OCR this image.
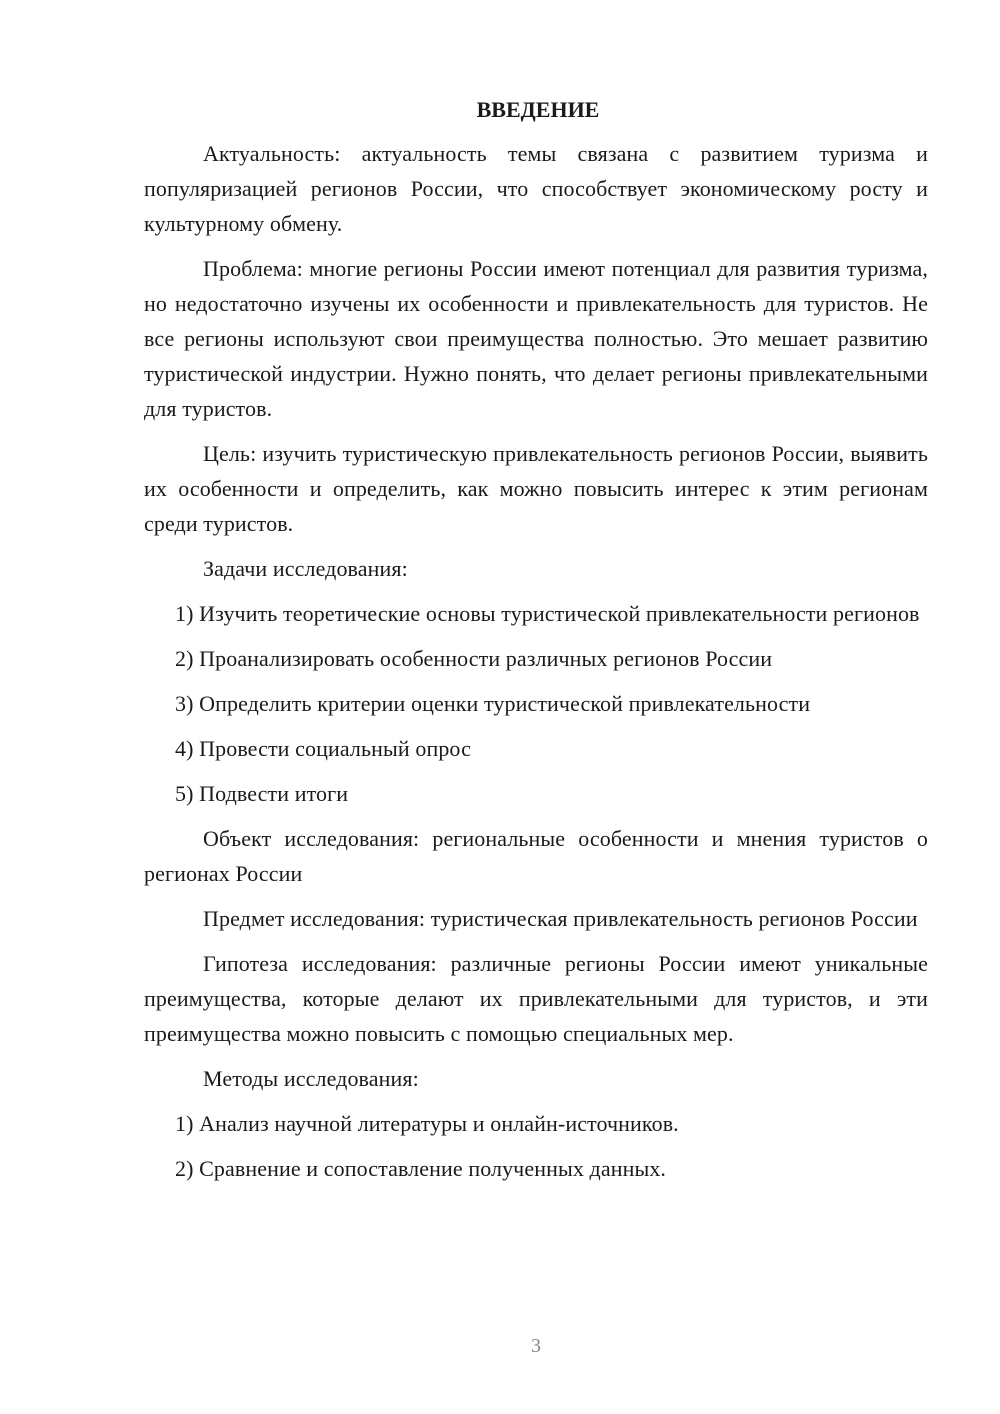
ВВЕДЕНИЕ

Актуальность: актуальность темы связана с развитием туризма и популяризацией регионов России, что способствует экономическому росту и культурному обмену.

Проблема: многие регионы России имеют потенциал для развития туризма, но недостаточно изучены их особенности и привлекательность для туристов. Не все регионы используют свои преимущества полностью. Это мешает развитию туристической индустрии. Нужно понять, что делает регионы привлекательными для туристов.

Цель: изучить туристическую привлекательность регионов России, выявить их особенности и определить, как можно повысить интерес к этим регионам среди туристов.

Задачи исследования:

1) Изучить теоретические основы туристической привлекательности регионов

2) Проанализировать особенности различных регионов России

3) Определить критерии оценки туристической привлекательности

4) Провести социальный опрос

5) Подвести итоги

Объект исследования: региональные особенности и мнения туристов о регионах России

Предмет исследования: туристическая привлекательность регионов России

Гипотеза исследования: различные регионы России имеют уникальные преимущества, которые делают их привлекательными для туристов, и эти преимущества можно повысить с помощью специальных мер.

Методы исследования:

1) Анализ научной литературы и онлайн-источников.

2) Сравнение и сопоставление полученных данных.

3
